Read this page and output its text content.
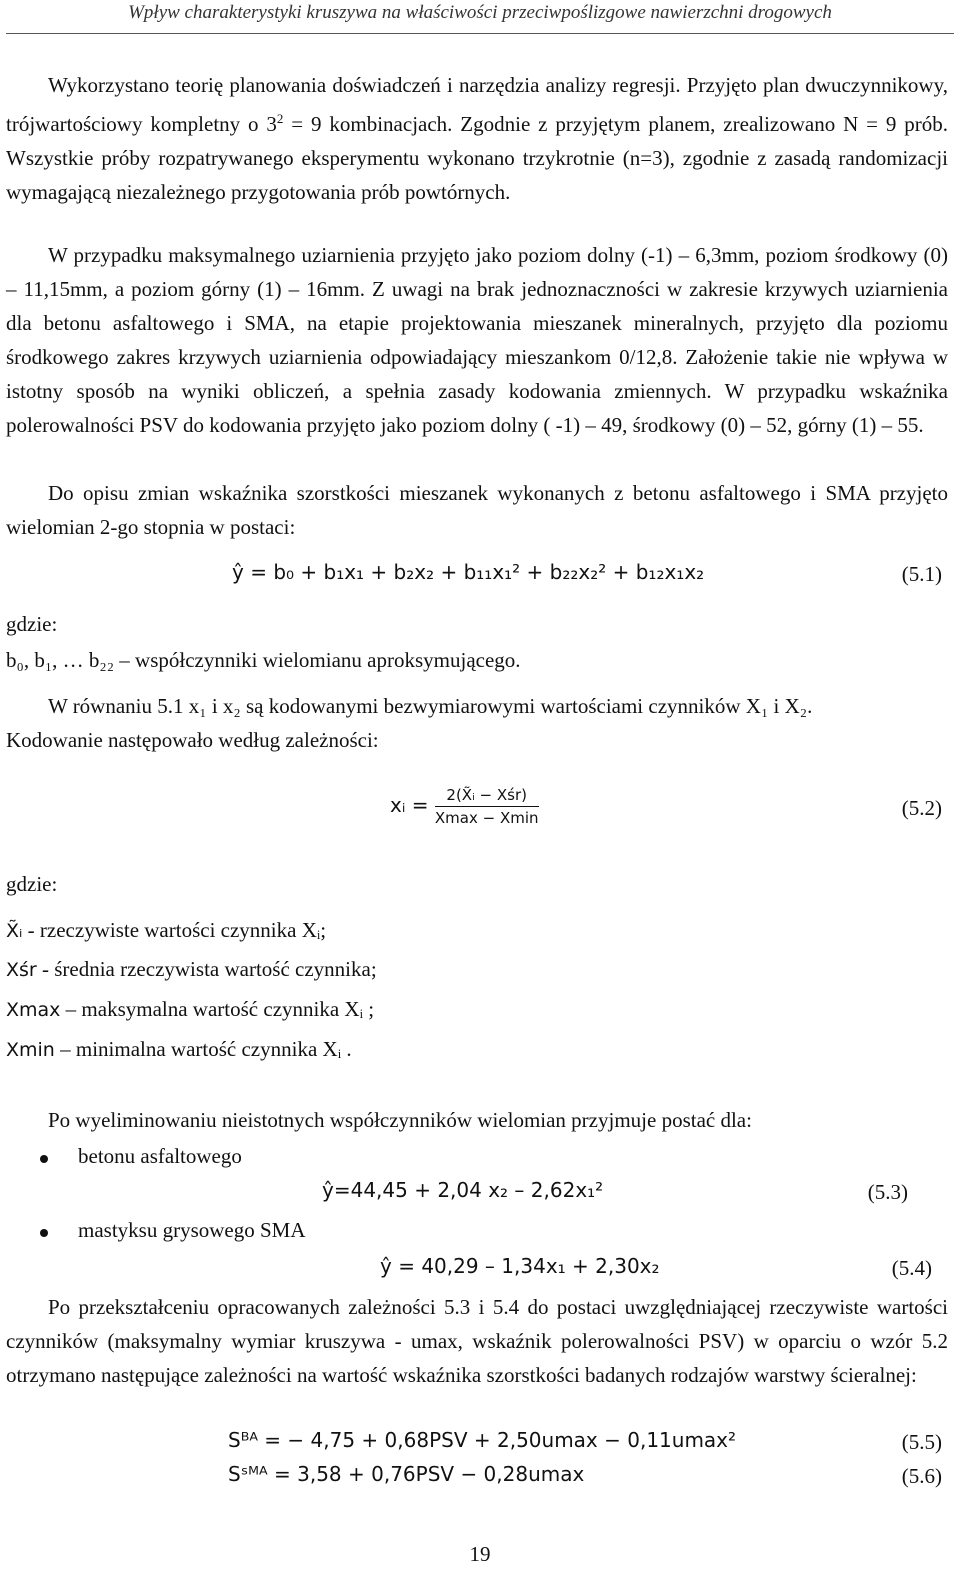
Wpływ charakterystyki kruszywa na właściwości przeciwpoślizgowe nawierzchni drogowych

Wykorzystano teorię planowania doświadczeń i narzędzia analizy regresji. Przyjęto plan dwuczynnikowy, trójwartościowy kompletny o $3^2 = 9$ kombinacjach. Zgodnie z przyjętym planem, zrealizowano N = 9 prób. Wszystkie próby rozpatrywanego eksperymentu wykonano trzykrotnie (n=3), zgodnie z zasadą randomizacji wymagającą niezależnego przygotowania prób powtórnych.

W przypadku maksymalnego uziarnienia przyjęto jako poziom dolny (-1) – 6,3mm, poziom środkowy (0) – 11,15mm, a poziom górny (1) – 16mm. Z uwagi na brak jednoznaczności w zakresie krzywych uziarnienia dla betonu asfaltowego i SMA, na etapie projektowania mieszanek mineralnych, przyjęto dla poziomu środkowego zakres krzywych uziarnienia odpowiadający mieszankom 0/12,8. Założenie takie nie wpływa w istotny sposób na wyniki obliczeń, a spełnia zasady kodowania zmiennych. W przypadku wskaźnika polerowalności PSV do kodowania przyjęto jako poziom dolny ( -1) – 49, środkowy (0) – 52, górny (1) – 55.

Do opisu zmian wskaźnika szorstkości mieszanek wykonanych z betonu asfaltowego i SMA przyjęto wielomian 2-go stopnia w postaci:

ŷ = b₀ + b₁x₁ + b₂x₂ + b₁₁x₁² + b₂₂x₂² + b₁₂x₁x₂	(5.1)
gdzie:
b₀, b₁, … b₂₂ – współczynniki wielomianu aproksymującego.
W równaniu 5.1 x₁ i x₂ są kodowanymi bezwymiarowymi wartościami czynników X₁ i X₂.
Kodowanie następowało według zależności:
xᵢ = $\frac{\text{2(X̃ᵢ − Xśr)}}{Xmax - Xmin}$	(5.2)
gdzie:
X̃ᵢ - rzeczywiste wartości czynnika Xᵢ;
Xśr - średnia rzeczywista wartość czynnika;
Xmax – maksymalna wartość czynnika Xᵢ ;
Xmin – minimalna wartość czynnika Xᵢ .
Po wyeliminowaniu nieistotnych współczynników wielomian przyjmuje postać dla:
betonu asfaltowego
ŷ=44,45 + 2,04 x₂ – 2,62x₁²	(5.3)
mastyksu grysowego SMA
ŷ = 40,29 – 1,34x₁ + 2,30x₂	(5.4)

Po przekształceniu opracowanych zależności 5.3 i 5.4 do postaci uwzględniającej rzeczywiste wartości czynników (maksymalny wymiar kruszywa - umax, wskaźnik polerowalności PSV) w oparciu o wzór 5.2 otrzymano następujące zależności na wartość wskaźnika szorstkości badanych rodzajów warstwy ścieralnej:

Sᴮᴬ = − 4,75 + 0,68PSV + 2,50umax − 0,11umax²	(5.5)
Sˢᴹᴬ = 3,58 + 0,76PSV − 0,28umax	(5.6)
19
